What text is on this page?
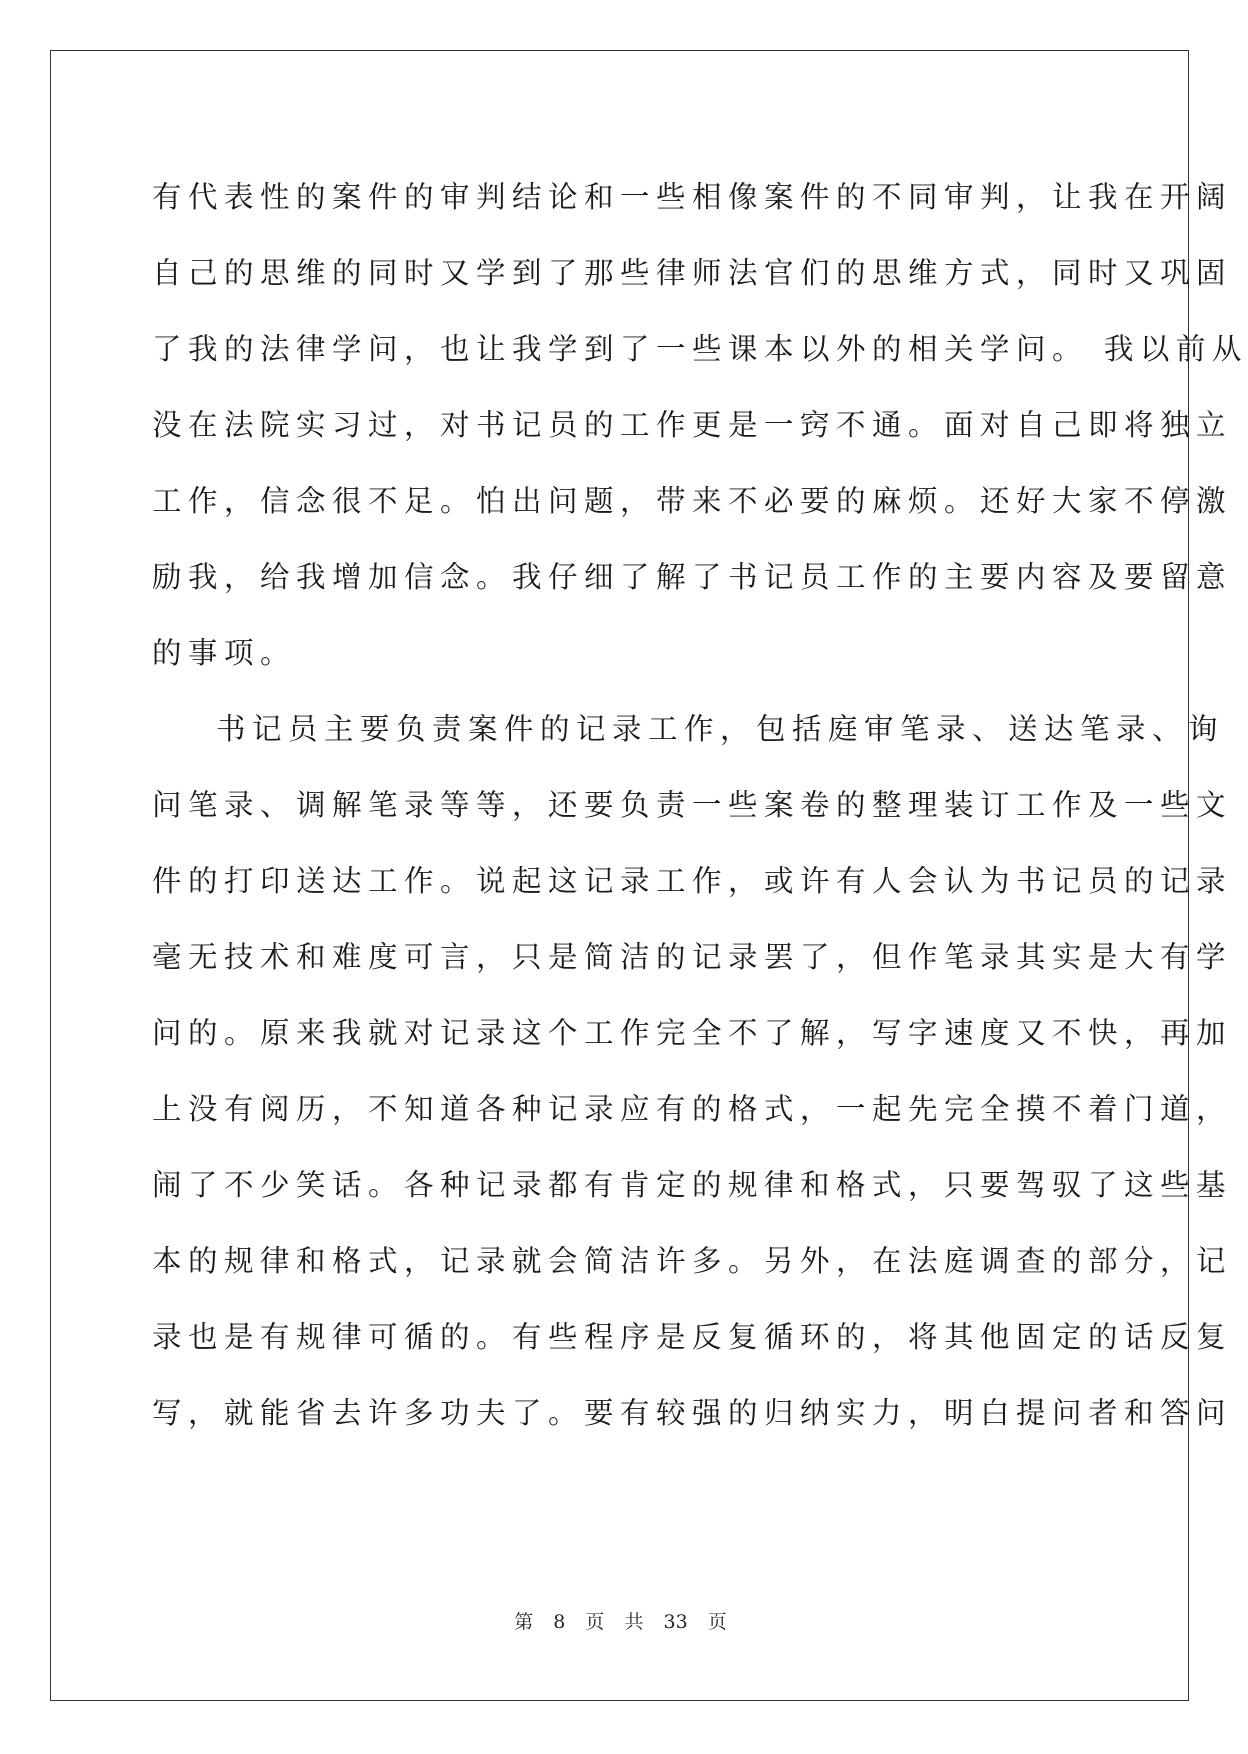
有代表性的案件的审判结论和一些相像案件的不同审判，让我在开阔
自己的思维的同时又学到了那些律师法官们的思维方式，同时又巩固
了我的法律学问，也让我学到了一些课本以外的相关学问。 我以前从
没在法院实习过，对书记员的工作更是一窍不通。面对自己即将独立
工作，信念很不足。怕出问题，带来不必要的麻烦。还好大家不停激
励我，给我增加信念。我仔细了解了书记员工作的主要内容及要留意
的事项。
书记员主要负责案件的记录工作，包括庭审笔录、送达笔录、询
问笔录、调解笔录等等，还要负责一些案卷的整理装订工作及一些文
件的打印送达工作。说起这记录工作，或许有人会认为书记员的记录
毫无技术和难度可言，只是简洁的记录罢了，但作笔录其实是大有学
问的。原来我就对记录这个工作完全不了解，写字速度又不快，再加
上没有阅历，不知道各种记录应有的格式，一起先完全摸不着门道，
闹了不少笑话。各种记录都有肯定的规律和格式，只要驾驭了这些基
本的规律和格式，记录就会简洁许多。另外，在法庭调查的部分，记
录也是有规律可循的。有些程序是反复循环的，将其他固定的话反复
写，就能省去许多功夫了。要有较强的归纳实力，明白提问者和答问
第 8 页 共 33 页
